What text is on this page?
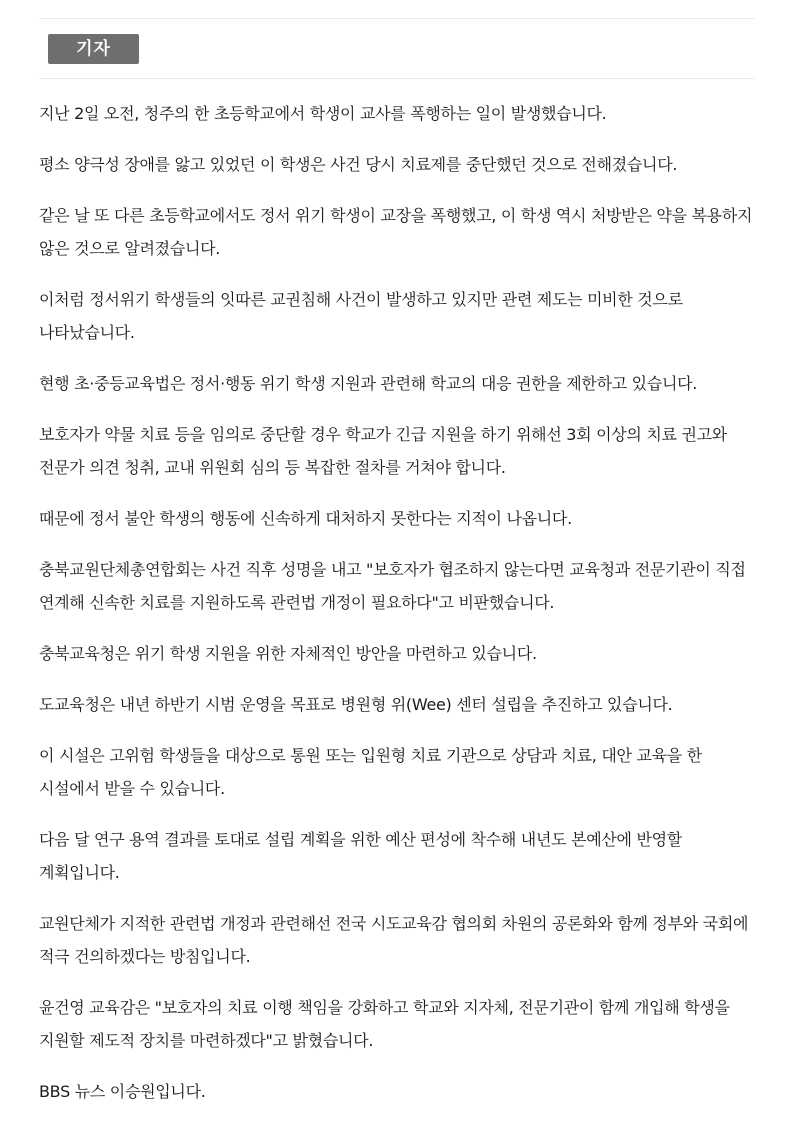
기자

지난 2일 오전, 청주의 한 초등학교에서 학생이 교사를 폭행하는 일이 발생했습니다.

평소 양극성 장애를 앓고 있었던 이 학생은 사건 당시 치료제를 중단했던 것으로 전해졌습니다.

같은 날 또 다른 초등학교에서도 정서 위기 학생이 교장을 폭행했고, 이 학생 역시 처방받은 약을 복용하지 않은 것으로 알려졌습니다.

이처럼 정서위기 학생들의 잇따른 교권침해 사건이 발생하고 있지만 관련 제도는 미비한 것으로 나타났습니다.

현행 초·중등교육법은 정서·행동 위기 학생 지원과 관련해 학교의 대응 권한을 제한하고 있습니다.

보호자가 약물 치료 등을 임의로 중단할 경우 학교가 긴급 지원을 하기 위해선 3회 이상의 치료 권고와 전문가 의견 청취, 교내 위원회 심의 등 복잡한 절차를 거쳐야 합니다.

때문에 정서 불안 학생의 행동에 신속하게 대처하지 못한다는 지적이 나옵니다.

충북교원단체총연합회는 사건 직후 성명을 내고 "보호자가 협조하지 않는다면 교육청과 전문기관이 직접 연계해 신속한 치료를 지원하도록 관련법 개정이 필요하다"고 비판했습니다.

충북교육청은 위기 학생 지원을 위한 자체적인 방안을 마련하고 있습니다.

도교육청은 내년 하반기 시범 운영을 목표로 병원형 위(Wee) 센터 설립을 추진하고 있습니다.

이 시설은 고위험 학생들을 대상으로 통원 또는 입원형 치료 기관으로 상담과 치료, 대안 교육을 한 시설에서 받을 수 있습니다.

다음 달 연구 용역 결과를 토대로 설립 계획을 위한 예산 편성에 착수해 내년도 본예산에 반영할 계획입니다.

교원단체가 지적한 관련법 개정과 관련해선 전국 시도교육감 협의회 차원의 공론화와 함께 정부와 국회에 적극 건의하겠다는 방침입니다.

윤건영 교육감은 "보호자의 치료 이행 책임을 강화하고 학교와 지자체, 전문기관이 함께 개입해 학생을 지원할 제도적 장치를 마련하겠다"고 밝혔습니다.

BBS 뉴스 이승원입니다.
